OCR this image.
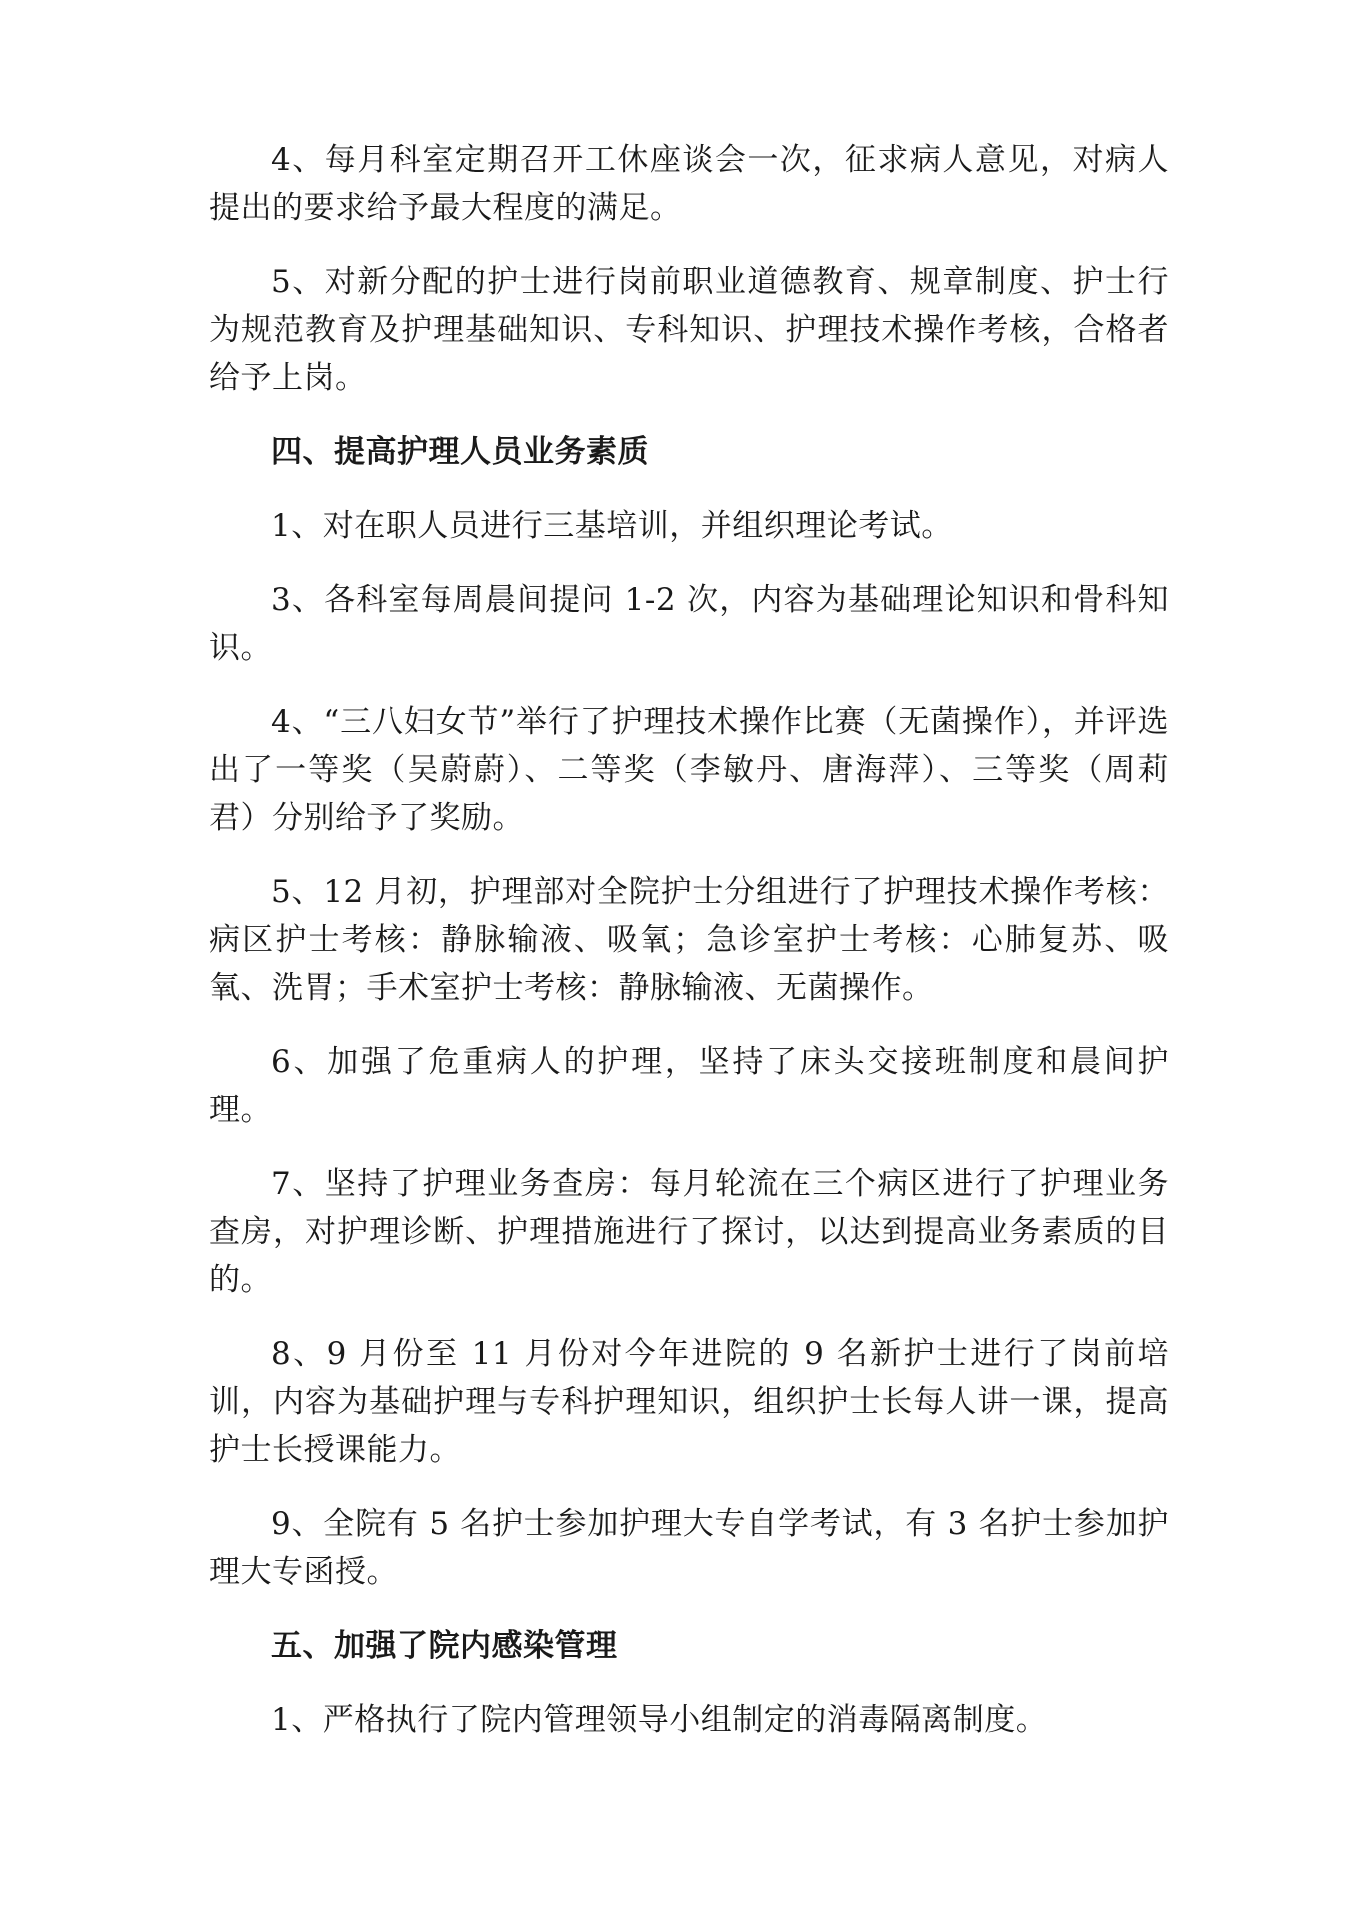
4、每月科室定期召开工休座谈会一次，征求病人意见，对病人提出的要求给予最大程度的满足。

5、对新分配的护士进行岗前职业道德教育、规章制度、护士行为规范教育及护理基础知识、专科知识、护理技术操作考核，合格者给予上岗。

四、提高护理人员业务素质

1、对在职人员进行三基培训，并组织理论考试。

3、各科室每周晨间提问 1-2 次，内容为基础理论知识和骨科知识。

4、“三八妇女节”举行了护理技术操作比赛（无菌操作），并评选出了一等奖（吴蔚蔚）、二等奖（李敏丹、唐海萍）、三等奖（周莉君）分别给予了奖励。

5、12 月初，护理部对全院护士分组进行了护理技术操作考核：病区护士考核：静脉输液、吸氧；急诊室护士考核：心肺复苏、吸氧、洗胃；手术室护士考核：静脉输液、无菌操作。

6、加强了危重病人的护理，坚持了床头交接班制度和晨间护理。

7、坚持了护理业务查房：每月轮流在三个病区进行了护理业务查房，对护理诊断、护理措施进行了探讨，以达到提高业务素质的目的。

8、9 月份至 11 月份对今年进院的 9 名新护士进行了岗前培训，内容为基础护理与专科护理知识，组织护士长每人讲一课，提高护士长授课能力。

9、全院有 5 名护士参加护理大专自学考试，有 3 名护士参加护理大专函授。

五、加强了院内感染管理

1、严格执行了院内管理领导小组制定的消毒隔离制度。
